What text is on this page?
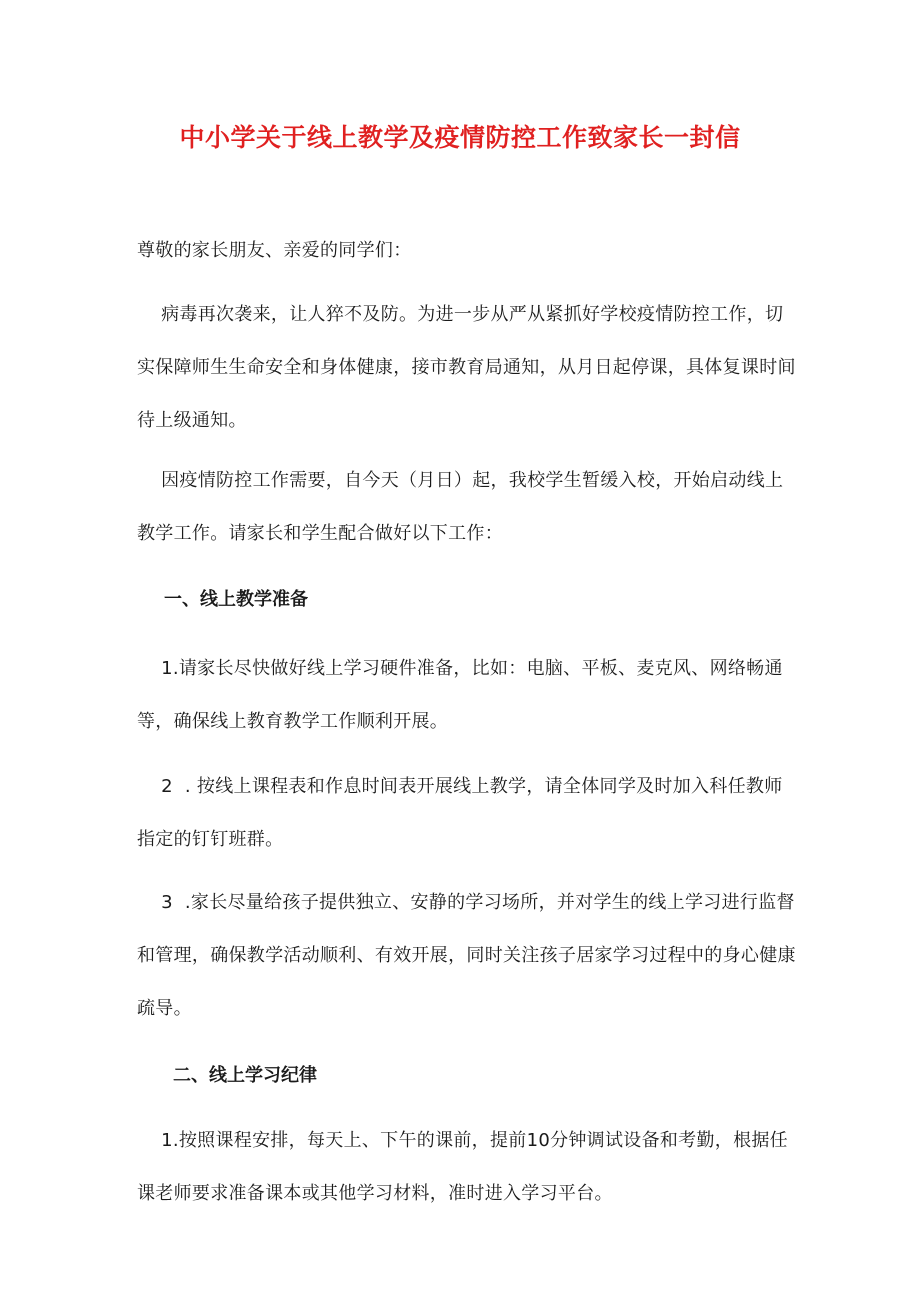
中小学关于线上教学及疫情防控工作致家长一封信

尊敬的家长朋友、亲爱的同学们：

病毒再次袭来，让人猝不及防。为进一步从严从紧抓好学校疫情防控工作，切实保障师生生命安全和身体健康，接市教育局通知，从月日起停课，具体复课时间待上级通知。

因疫情防控工作需要，自今天（月日）起，我校学生暂缓入校，开始启动线上教学工作。请家长和学生配合做好以下工作：

一、线上教学准备

1.请家长尽快做好线上学习硬件准备，比如：电脑、平板、麦克风、网络畅通等，确保线上教育教学工作顺利开展。

2  . 按线上课程表和作息时间表开展线上教学，请全体同学及时加入科任教师指定的钉钉班群。

3  .家长尽量给孩子提供独立、安静的学习场所，并对学生的线上学习进行监督和管理，确保教学活动顺利、有效开展，同时关注孩子居家学习过程中的身心健康疏导。

二、线上学习纪律

1.按照课程安排，每天上、下午的课前，提前10分钟调试设备和考勤，根据任课老师要求准备课本或其他学习材料，准时进入学习平台。
